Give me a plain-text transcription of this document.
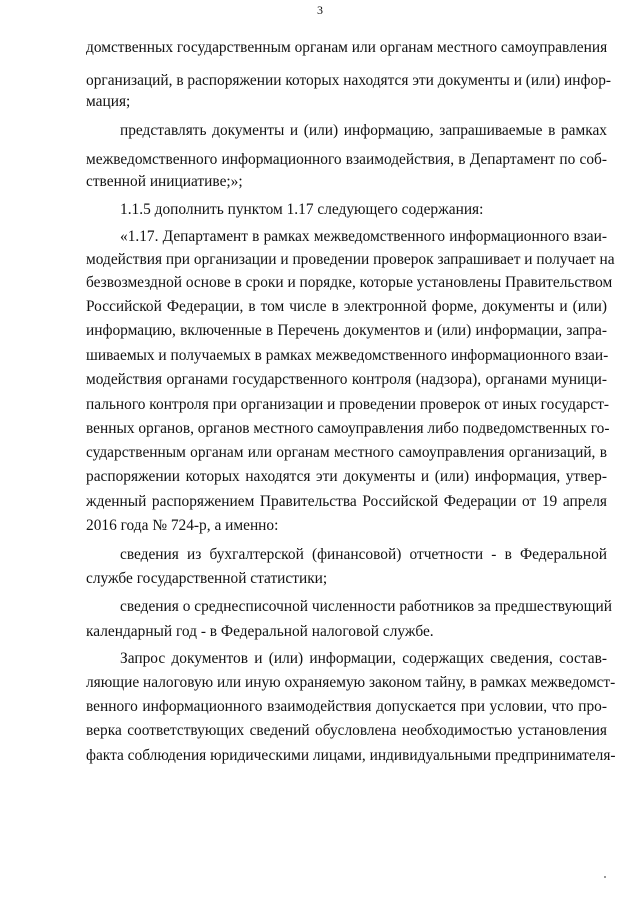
3
домственных государственным органам или органам местного самоуправления
организаций, в распоряжении которых находятся эти документы и (или) инфор-
мация;
представлять документы и (или) информацию, запрашиваемые в рамках
межведомственного информационного взаимодействия, в Департамент по соб-
ственной инициативе;»;
1.1.5 дополнить пунктом 1.17 следующего содержания:
«1.17. Департамент в рамках межведомственного информационного взаи-
модействия при организации и проведении проверок запрашивает и получает на
безвозмездной основе в сроки и порядке, которые установлены Правительством
Российской Федерации, в том числе в электронной форме, документы и (или)
информацию, включенные в Перечень документов и (или) информации, запра-
шиваемых и получаемых в рамках межведомственного информационного взаи-
модействия органами государственного контроля (надзора), органами муници-
пального контроля при организации и проведении проверок от иных государст-
венных органов, органов местного самоуправления либо подведомственных го-
сударственным органам или органам местного самоуправления организаций, в
распоряжении которых находятся эти документы и (или) информация, утвер-
жденный распоряжением Правительства Российской Федерации от 19 апреля
2016 года № 724-р, а именно:
сведения из бухгалтерской (финансовой) отчетности - в Федеральной
службе государственной статистики;
сведения о среднесписочной численности работников за предшествующий
календарный год - в Федеральной налоговой службе.
Запрос документов и (или) информации, содержащих сведения, состав-
ляющие налоговую или иную охраняемую законом тайну, в рамках межведомст-
венного информационного взаимодействия допускается при условии, что про-
верка соответствующих сведений обусловлена необходимостью установления
факта соблюдения юридическими лицами, индивидуальными предпринимателя-
